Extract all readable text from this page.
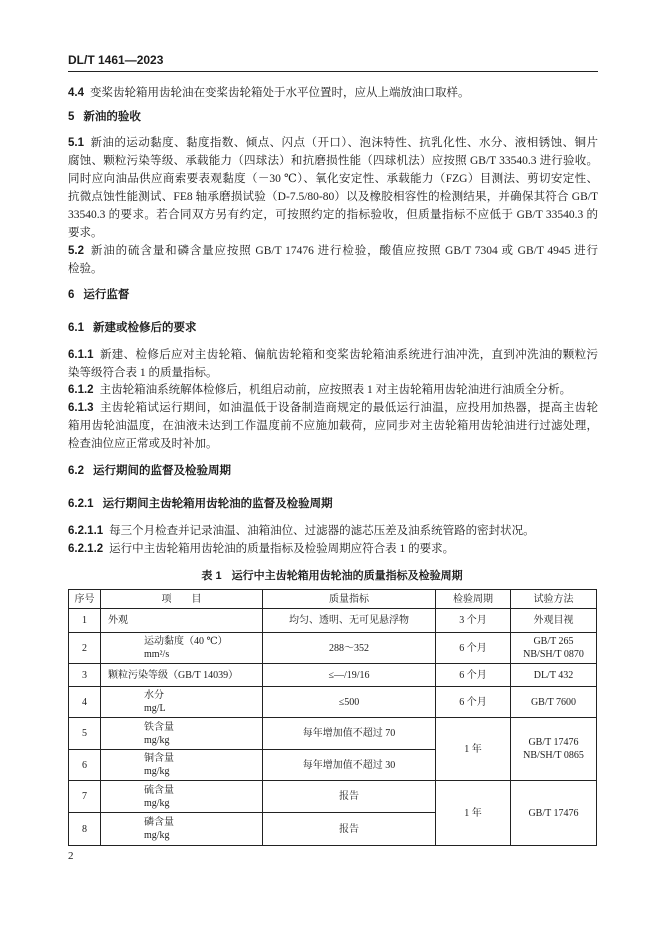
DL/T 1461—2023
4.4 变桨齿轮箱用齿轮油在变桨齿轮箱处于水平位置时，应从上端放油口取样。
5 新油的验收
5.1 新油的运动黏度、黏度指数、倾点、闪点（开口）、泡沫特性、抗乳化性、水分、液相锈蚀、铜片
腐蚀、颗粒污染等级、承载能力（四球法）和抗磨损性能（四球机法）应按照 GB/T 33540.3 进行验收。
同时应向油品供应商索要表观黏度（－30 ℃）、氧化安定性、承载能力（FZG）目测法、剪切安定性、
抗微点蚀性能测试、FE8 轴承磨损试验（D-7.5/80-80）以及橡胶相容性的检测结果，并确保其符合 GB/T
33540.3 的要求。若合同双方另有约定，可按照约定的指标验收，但质量指标不应低于 GB/T 33540.3 的
要求。
5.2 新油的硫含量和磷含量应按照 GB/T 17476 进行检验，酸值应按照 GB/T 7304 或 GB/T 4945 进行
检验。
6 运行监督
6.1 新建或检修后的要求
6.1.1 新建、检修后应对主齿轮箱、偏航齿轮箱和变桨齿轮箱油系统进行油冲洗，直到冲洗油的颗粒污
染等级符合表 1 的质量指标。
6.1.2 主齿轮箱油系统解体检修后，机组启动前，应按照表 1 对主齿轮箱用齿轮油进行油质全分析。
6.1.3 主齿轮箱试运行期间，如油温低于设备制造商规定的最低运行油温，应投用加热器，提高主齿轮
箱用齿轮油温度，在油液未达到工作温度前不应施加载荷，应同步对主齿轮箱用齿轮油进行过滤处理，
检查油位应正常或及时补加。
6.2 运行期间的监督及检验周期
6.2.1 运行期间主齿轮箱用齿轮油的监督及检验周期
6.2.1.1 每三个月检查并记录油温、油箱油位、过滤器的滤芯压差及油系统管路的密封状况。
6.2.1.2 运行中主齿轮箱用齿轮油的质量指标及检验周期应符合表 1 的要求。
表 1 运行中主齿轮箱用齿轮油的质量指标及检验周期
序号	项　　目	质量指标	检验周期	试验方法
1	外观	均匀、透明、无可见悬浮物	3 个月	外观目视
2	运动黏度（40 ℃）
mm²/s	288～352	6 个月	GB/T 265
NB/SH/T 0870

3	颗粒污染等级（GB/T 14039）	≤—/19/16	6 个月	DL/T 432
4	水分
mg/L	≤500	6 个月	GB/T 7600
5	铁含量
mg/kg	每年增加值不超过 70	1 年	GB/T 17476
NB/SH/T 0865

6	铜含量
mg/kg	每年增加值不超过 30		
7	硫含量
mg/kg	报告	1 年	GB/T 17476
8	磷含量
mg/kg	报告		
2
